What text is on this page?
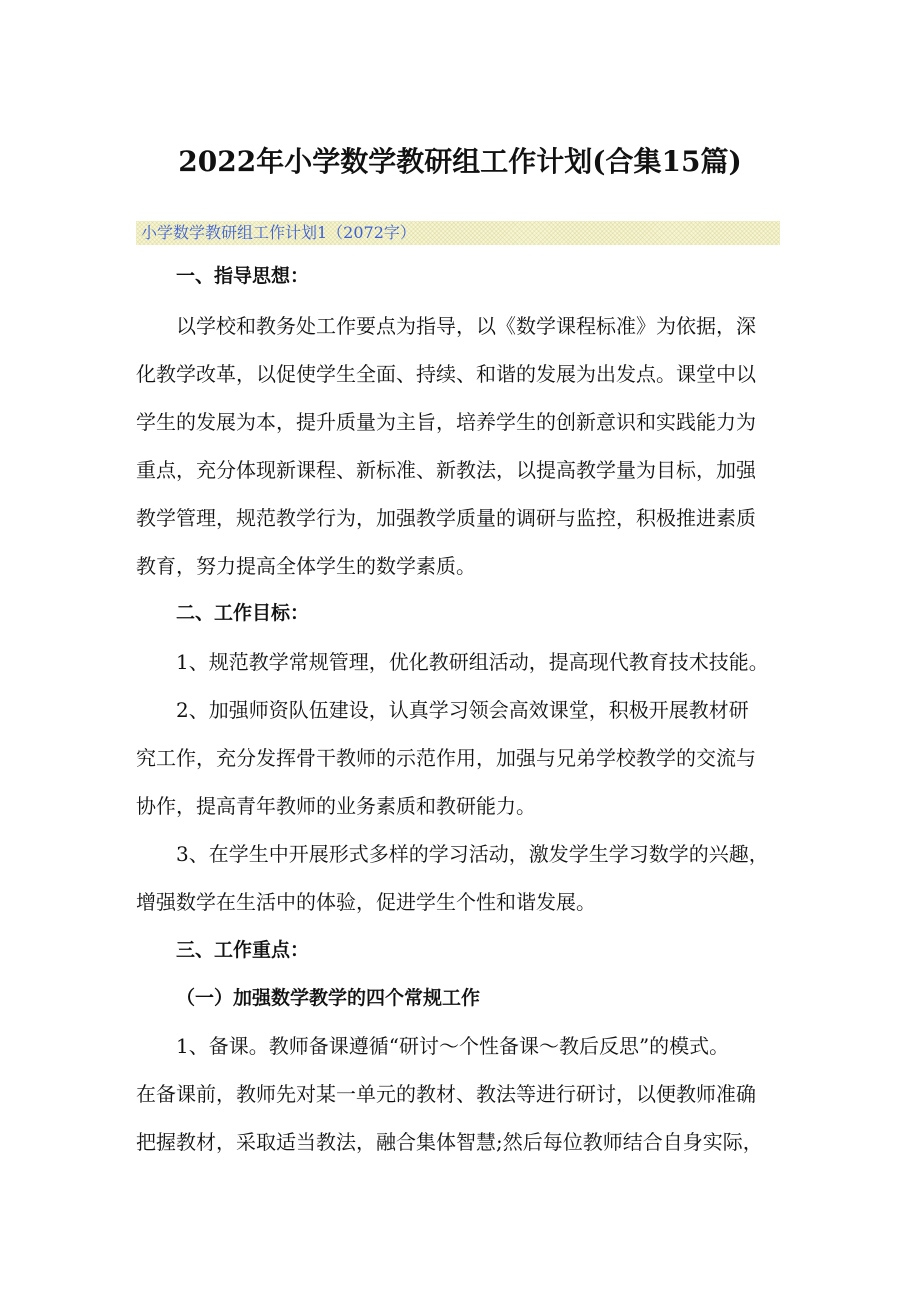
2022年小学数学教研组工作计划(合集15篇)
小学数学教研组工作计划1（2072字）
一、指导思想：
以学校和教务处工作要点为指导，以《数学课程标准》为依据，深
化教学改革，以促使学生全面、持续、和谐的发展为出发点。课堂中以
学生的发展为本，提升质量为主旨，培养学生的创新意识和实践能力为
重点，充分体现新课程、新标准、新教法，以提高教学量为目标，加强
教学管理，规范教学行为，加强教学质量的调研与监控，积极推进素质
教育，努力提高全体学生的数学素质。
二、工作目标：
1、规范教学常规管理，优化教研组活动，提高现代教育技术技能。
2、加强师资队伍建设，认真学习领会高效课堂，积极开展教材研
究工作，充分发挥骨干教师的示范作用，加强与兄弟学校教学的交流与
协作，提高青年教师的业务素质和教研能力。
3、在学生中开展形式多样的学习活动，激发学生学习数学的兴趣，
增强数学在生活中的体验，促进学生个性和谐发展。
三、工作重点：
（一）加强数学教学的四个常规工作
1、备课。教师备课遵循“研讨～个性备课～教后反思”的模式。
在备课前，教师先对某一单元的教材、教法等进行研讨，以便教师准确
把握教材，采取适当教法，融合集体智慧;然后每位教师结合自身实际，
